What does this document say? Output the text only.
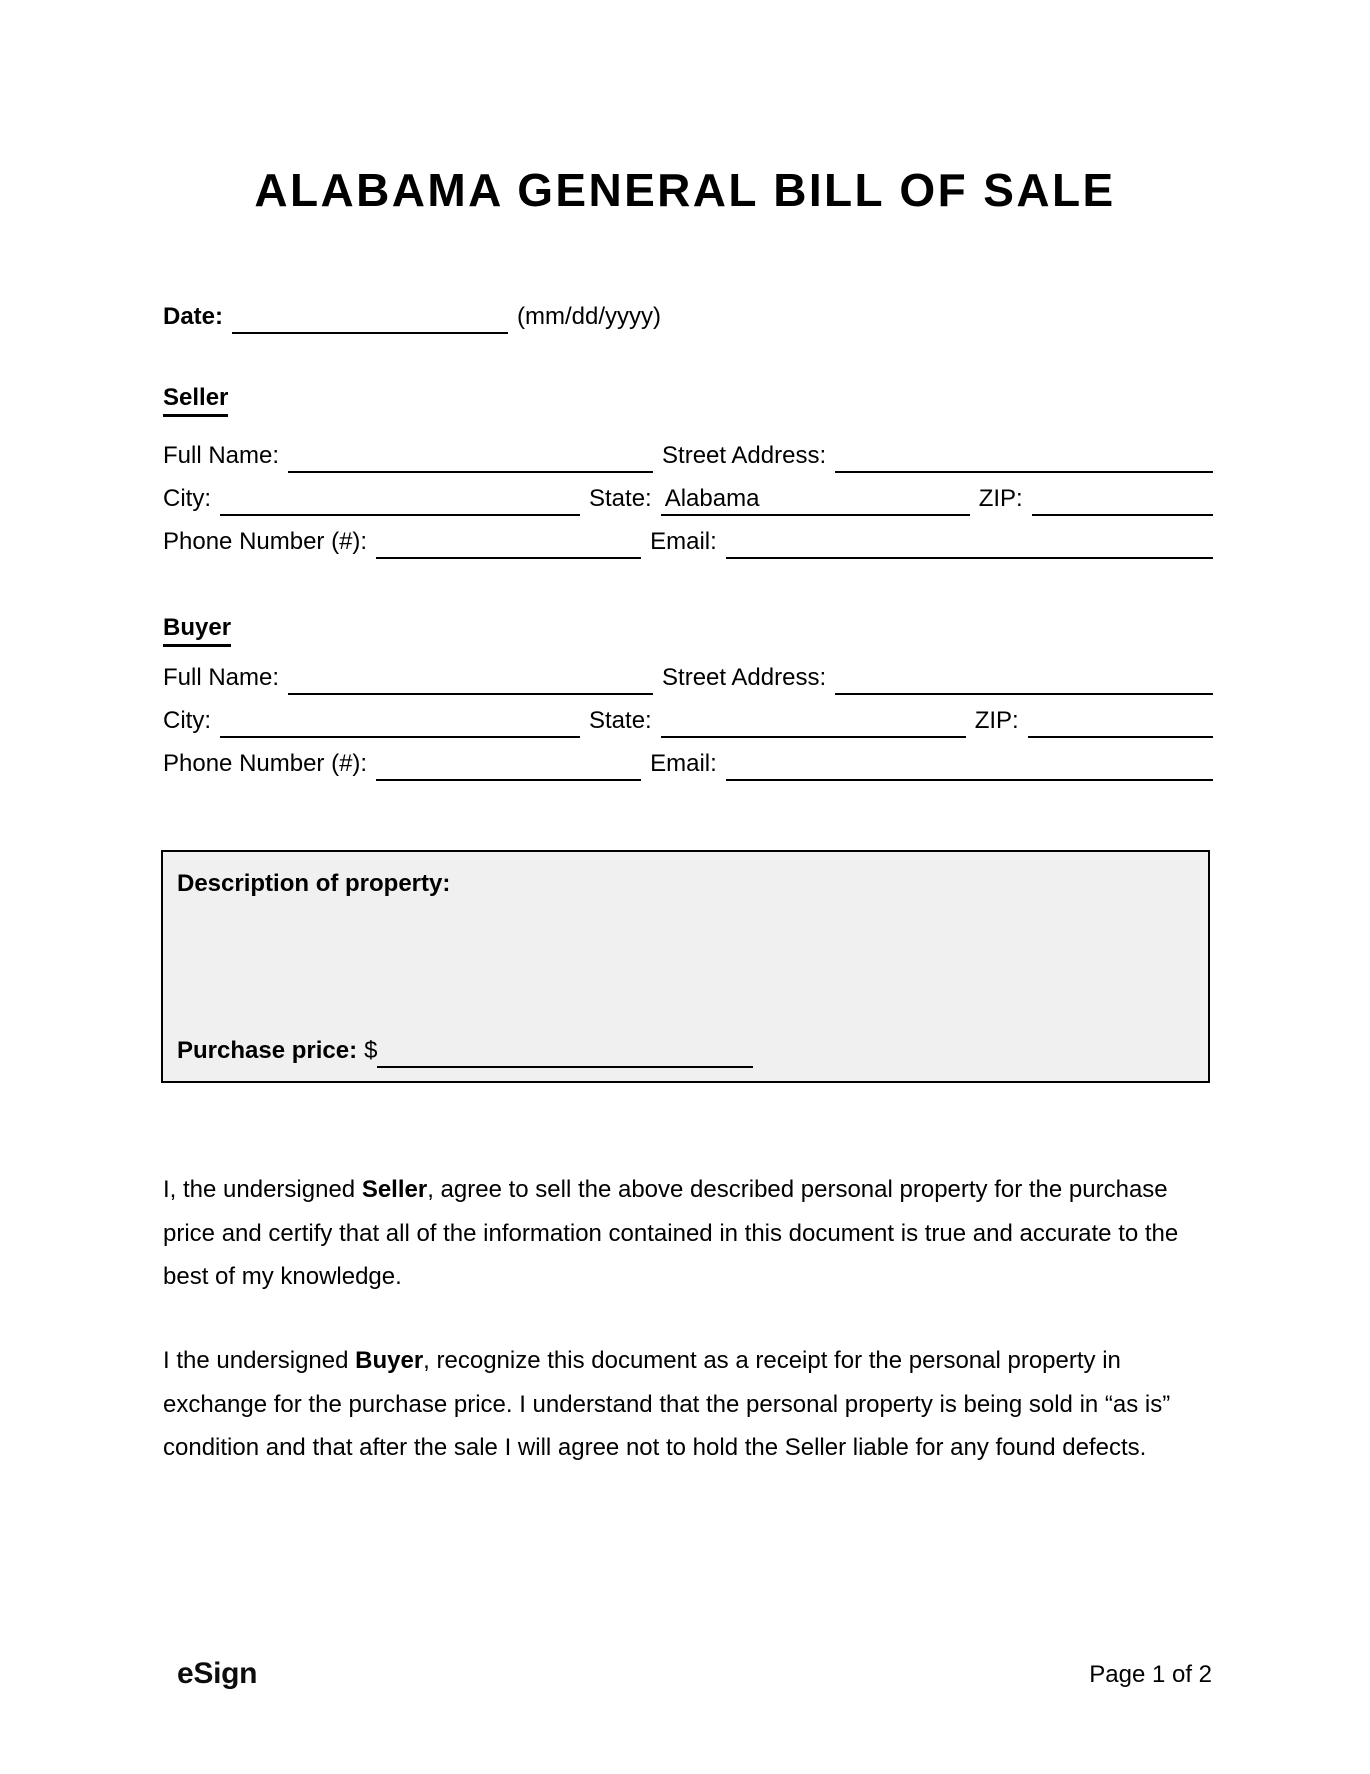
ALABAMA GENERAL BILL OF SALE
Date:
	(mm/dd/yyyy)
Seller
Full Name:
	Street Address:

City:
	State: Alabama	ZIP:

Phone Number (#):
	Email:

Buyer
Full Name:
	Street Address:

City:
	State:
	ZIP:

Phone Number (#):
	Email:

Description of property:
Purchase price: $

I, the undersigned Seller, agree to sell the above described personal property for the purchase price and certify that all of the information contained in this document is true and accurate to the best of my knowledge.

I the undersigned Buyer, recognize this document as a receipt for the personal property in exchange for the purchase price. I understand that the personal property is being sold in “as is” condition and that after the sale I will agree not to hold the Seller liable for any found defects.

eSign	Page 1 of 2
